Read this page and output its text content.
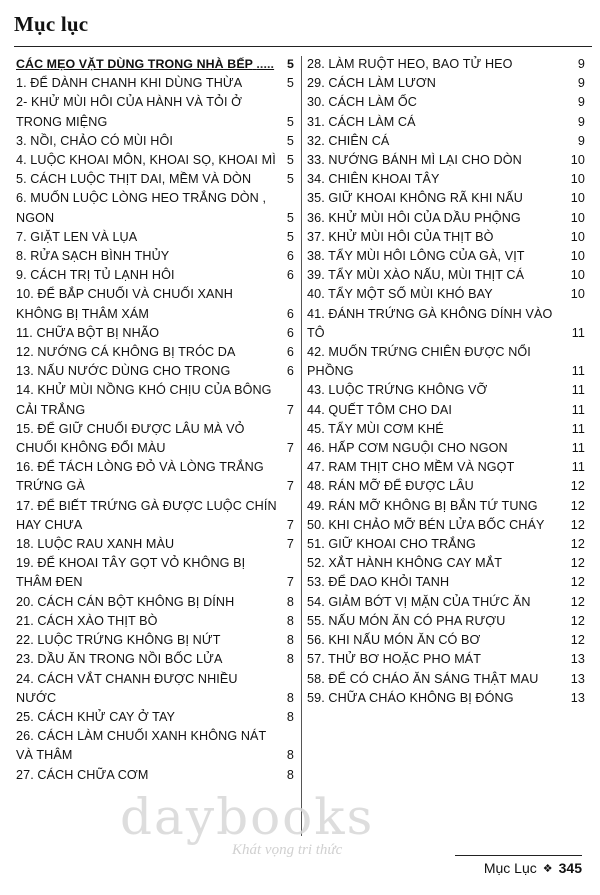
Mục lục
CÁC MẸO VẶT DÙNG TRONG NHÀ BẾP ..... 5
1. ĐỂ DÀNH CHANH KHI DÙNG THỪA	5
2- KHỬ MÙI HÔI CỦA HÀNH VÀ TỎI Ở TRONG MIỆNG	5
3. NỒI, CHẢO CÓ MÙI HÔI	5
4. LUỘC KHOAI MÔN, KHOAI SỌ, KHOAI MÌ 5
5. CÁCH LUỘC THỊT DAI, MỀM VÀ DÒN	5
6. MUỐN LUỘC LÒNG HEO TRẮNG DÒN , NGON	5
7. GIẶT LEN VÀ LỤA	5
8. RỬA SẠCH BÌNH THỦY	6
9. CÁCH TRỊ TỦ LẠNH HÔI	6
10. ĐỂ BẮP CHUỐI VÀ CHUỐI XANH KHÔNG BỊ THÂM XÁM	6
11. CHỮA BỘT BỊ NHÃO	6
12. NƯỚNG CÁ KHÔNG BỊ TRÓC DA	6
13. NẤU NƯỚC DÙNG CHO TRONG	6
14. KHỬ MÙI NỒNG KHÓ CHỊU CỦA BÔNG CẢI TRẮNG	7
15. ĐỂ GIỮ CHUỐI ĐƯỢC LÂU MÀ VỎ CHUỐI KHÔNG ĐỔI MÀU	7
16. ĐỂ TÁCH LÒNG ĐỎ VÀ LÒNG TRẮNG TRỨNG GÀ	7
17. ĐỂ BIẾT TRỨNG GÀ ĐƯỢC LUỘC CHÍN HAY CHƯA	7
18. LUỘC RAU XANH MÀU	7
19. ĐỂ KHOAI TÂY GỌT VỎ KHÔNG BỊ THÂM ĐEN	7
20. CÁCH CÁN BỘT KHÔNG BỊ DÍNH	8
21. CÁCH XÀO THỊT BÒ	8
22. LUỘC TRỨNG KHÔNG BỊ NỨT	8
23. DẦU ĂN TRONG NỒI BỐC LỬA	8
24. CÁCH VẮT CHANH ĐƯỢC NHIỀU NƯỚC	8
25. CÁCH KHỬ CAY Ở TAY	8
26. CÁCH LÀM CHUỐI XANH KHÔNG NÁT VÀ THÂM	8
27. CÁCH CHỮA CƠM	8
28. LÀM RUỘT HEO, BAO TỬ HEO	9
29. CÁCH LÀM LƯƠN	9
30. CÁCH LÀM ỐC	9
31. CÁCH LÀM CÁ	9
32. CHIÊN CÁ	9
33. NƯỚNG BÁNH MÌ LẠI CHO DÒN	10
34. CHIÊN KHOAI TÂY	10
35. GIỮ KHOAI KHÔNG RÃ KHI NẤU	10
36. KHỬ MÙI HÔI CỦA DẦU PHỘNG	10
37. KHỬ MÙI HÔI CỦA THỊT BÒ	10
38. TẨY MÙI HÔI LÔNG CỦA GÀ, VỊT	10
39. TẨY MÙI XÀO NẤU, MÙI THỊT CÁ	10
40. TẨY MỘT SỐ MÙI KHÓ BAY	10
41. ĐÁNH TRỨNG GÀ KHÔNG DÍNH VÀO TÔ	11
42. MUỐN TRỨNG CHIÊN ĐƯỢC NỔI PHỒNG	11
43. LUỘC TRỨNG KHÔNG VỠ	11
44. QUẾT TÔM CHO DAI	11
45. TẨY MÙI CƠM KHÉ	11
46. HẤP CƠM NGUỘI CHO NGON	11
47. RAM THỊT CHO MỀM VÀ NGỌT	11
48. RÁN MỠ ĐỂ ĐƯỢC LÂU	12
49. RÁN MỠ KHÔNG BỊ BẮN TỨ TUNG	12
50. KHI CHẢO MỠ BÉN LỬA BỐC CHÁY	12
51. GIỮ KHOAI CHO TRẮNG	12
52. XẮT HÀNH KHÔNG CAY MẮT	12
53. ĐỂ DAO KHỎI TANH	12
54. GIẢM BỚT VỊ MẶN CỦA THỨC ĂN	12
55. NẤU MÓN ĂN CÓ PHA RƯỢU	12
56. KHI NẤU MÓN ĂN CÓ BƠ	12
57. THỬ BƠ HOẶC PHO MÁT	13
58. ĐỂ CÓ CHÁO ĂN SÁNG THẬT MAU	13
59. CHỮA CHÁO KHÔNG BỊ ĐÓNG	13
daybooks
Khát vọng tri thức
Mục Lục ❖ 345
